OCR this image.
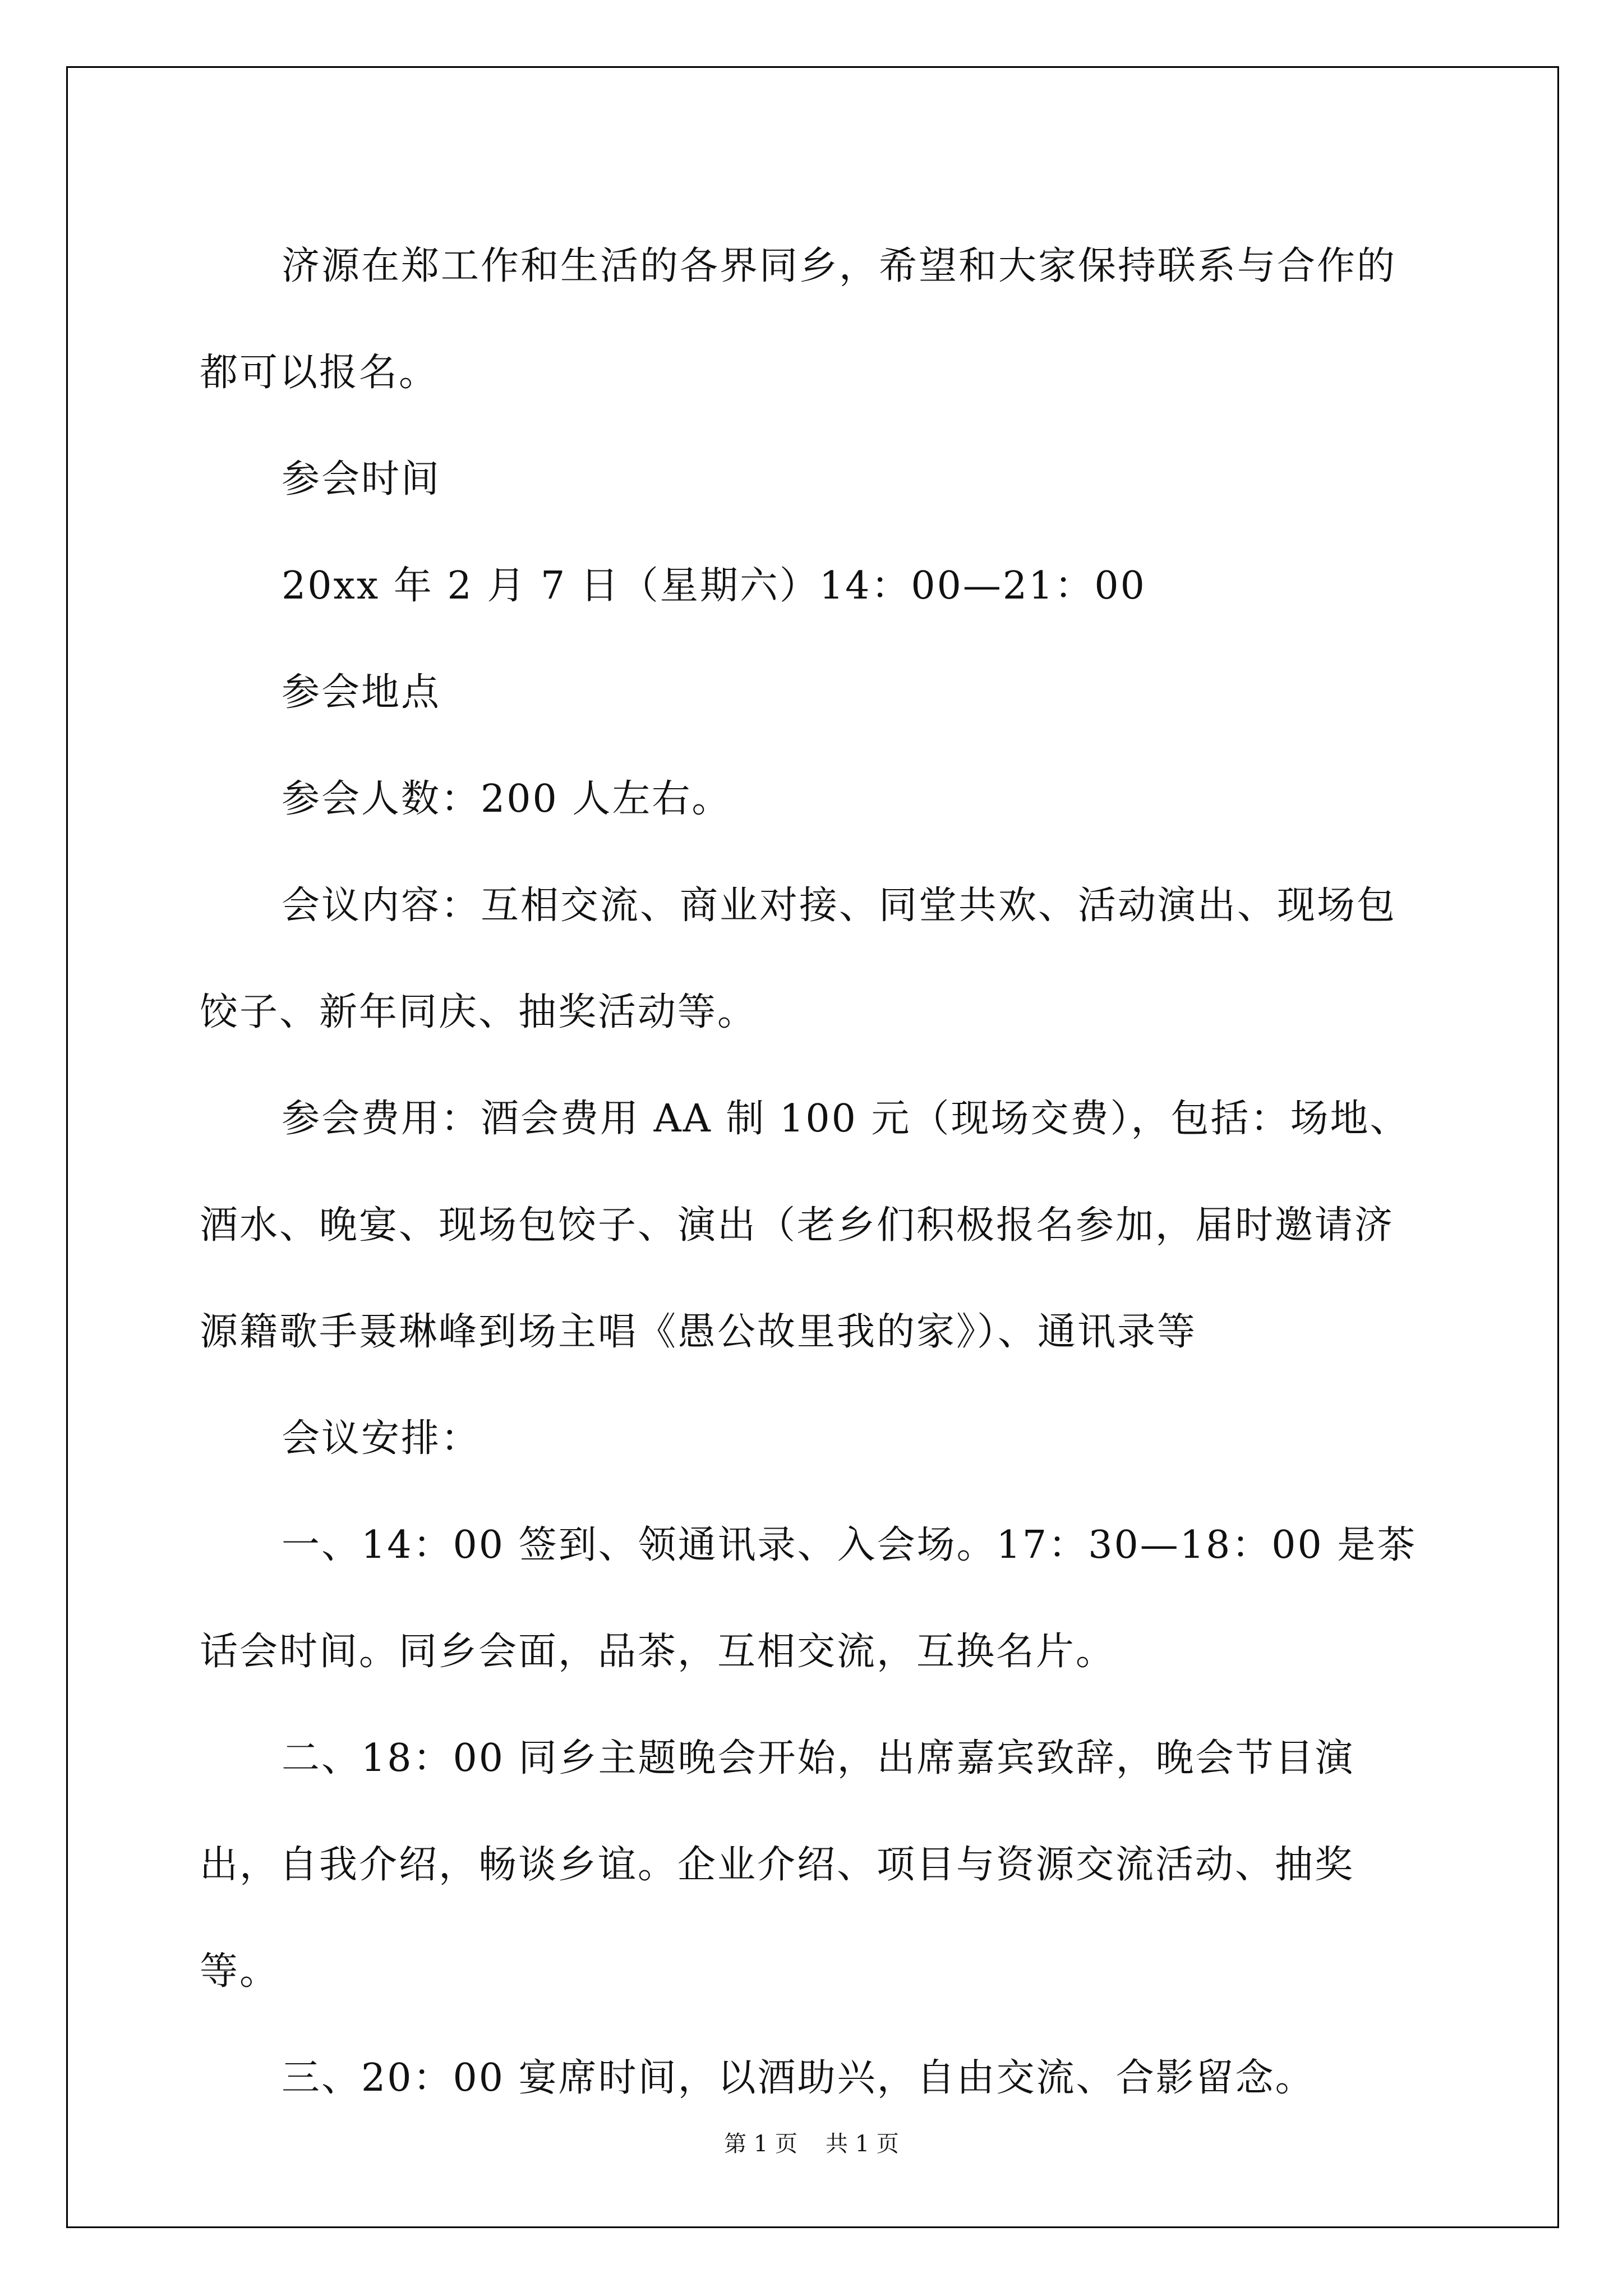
济源在郑工作和生活的各界同乡，希望和大家保持联系与合作的都可以报名。

参会时间

20xx 年 2 月 7 日（星期六）14：00—21：00

参会地点

参会人数：200 人左右。

会议内容：互相交流、商业对接、同堂共欢、活动演出、现场包饺子、新年同庆、抽奖活动等。

参会费用：酒会费用 AA 制 100 元（现场交费），包括：场地、酒水、晚宴、现场包饺子、演出（老乡们积极报名参加，届时邀请济源籍歌手聂琳峰到场主唱《愚公故里我的家》）、通讯录等

会议安排：

一、14：00 签到、领通讯录、入会场。17：30—18：00 是茶话会时间。同乡会面，品茶，互相交流，互换名片。

二、18：00 同乡主题晚会开始，出席嘉宾致辞，晚会节目演出，自我介绍，畅谈乡谊。企业介绍、项目与资源交流活动、抽奖等。

三、20：00 宴席时间，以酒助兴，自由交流、合影留念。

第 1 页 共 1 页
